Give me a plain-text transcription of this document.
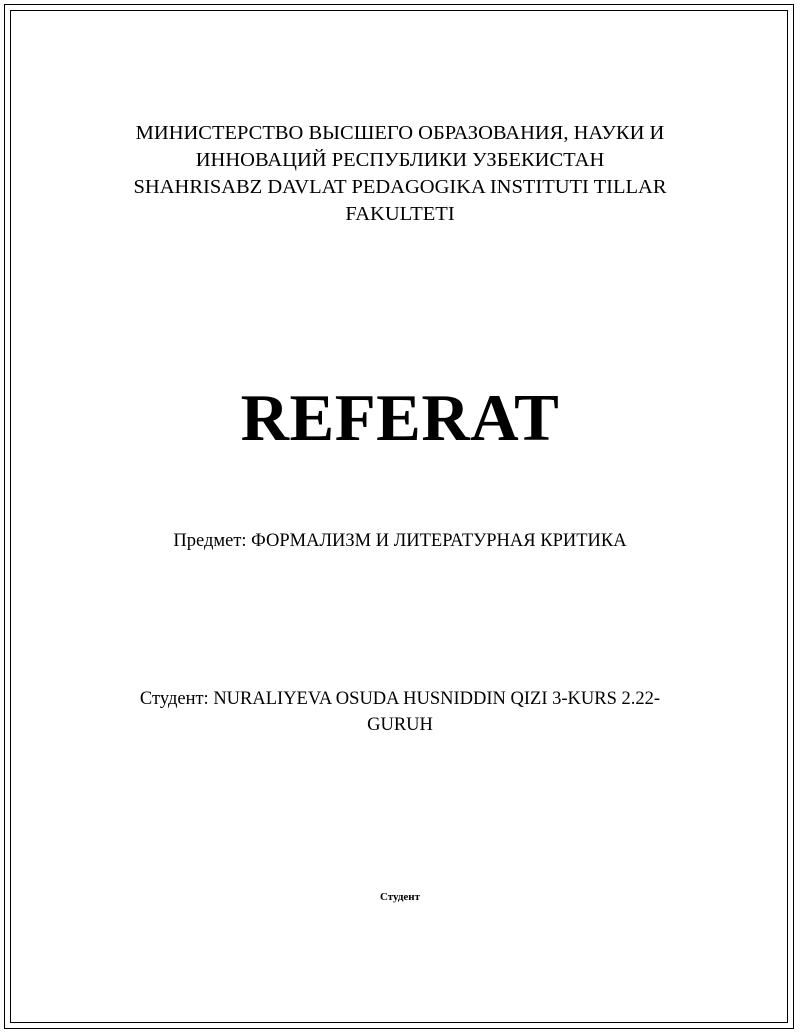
МИНИСТЕРСТВО ВЫСШЕГО ОБРАЗОВАНИЯ, НАУКИ И
ИННОВАЦИЙ РЕСПУБЛИКИ УЗБЕКИСТАН
SHAHRISABZ DAVLAT PEDAGOGIKA INSTITUTI TILLAR
FAKULTETI
REFERAT
Предмет: ФОРМАЛИЗМ И ЛИТЕРАТУРНАЯ КРИТИКА
Студент: NURALIYEVA OSUDA HUSNIDDIN QIZI 3-KURS 2.22-
GURUH
Студент
